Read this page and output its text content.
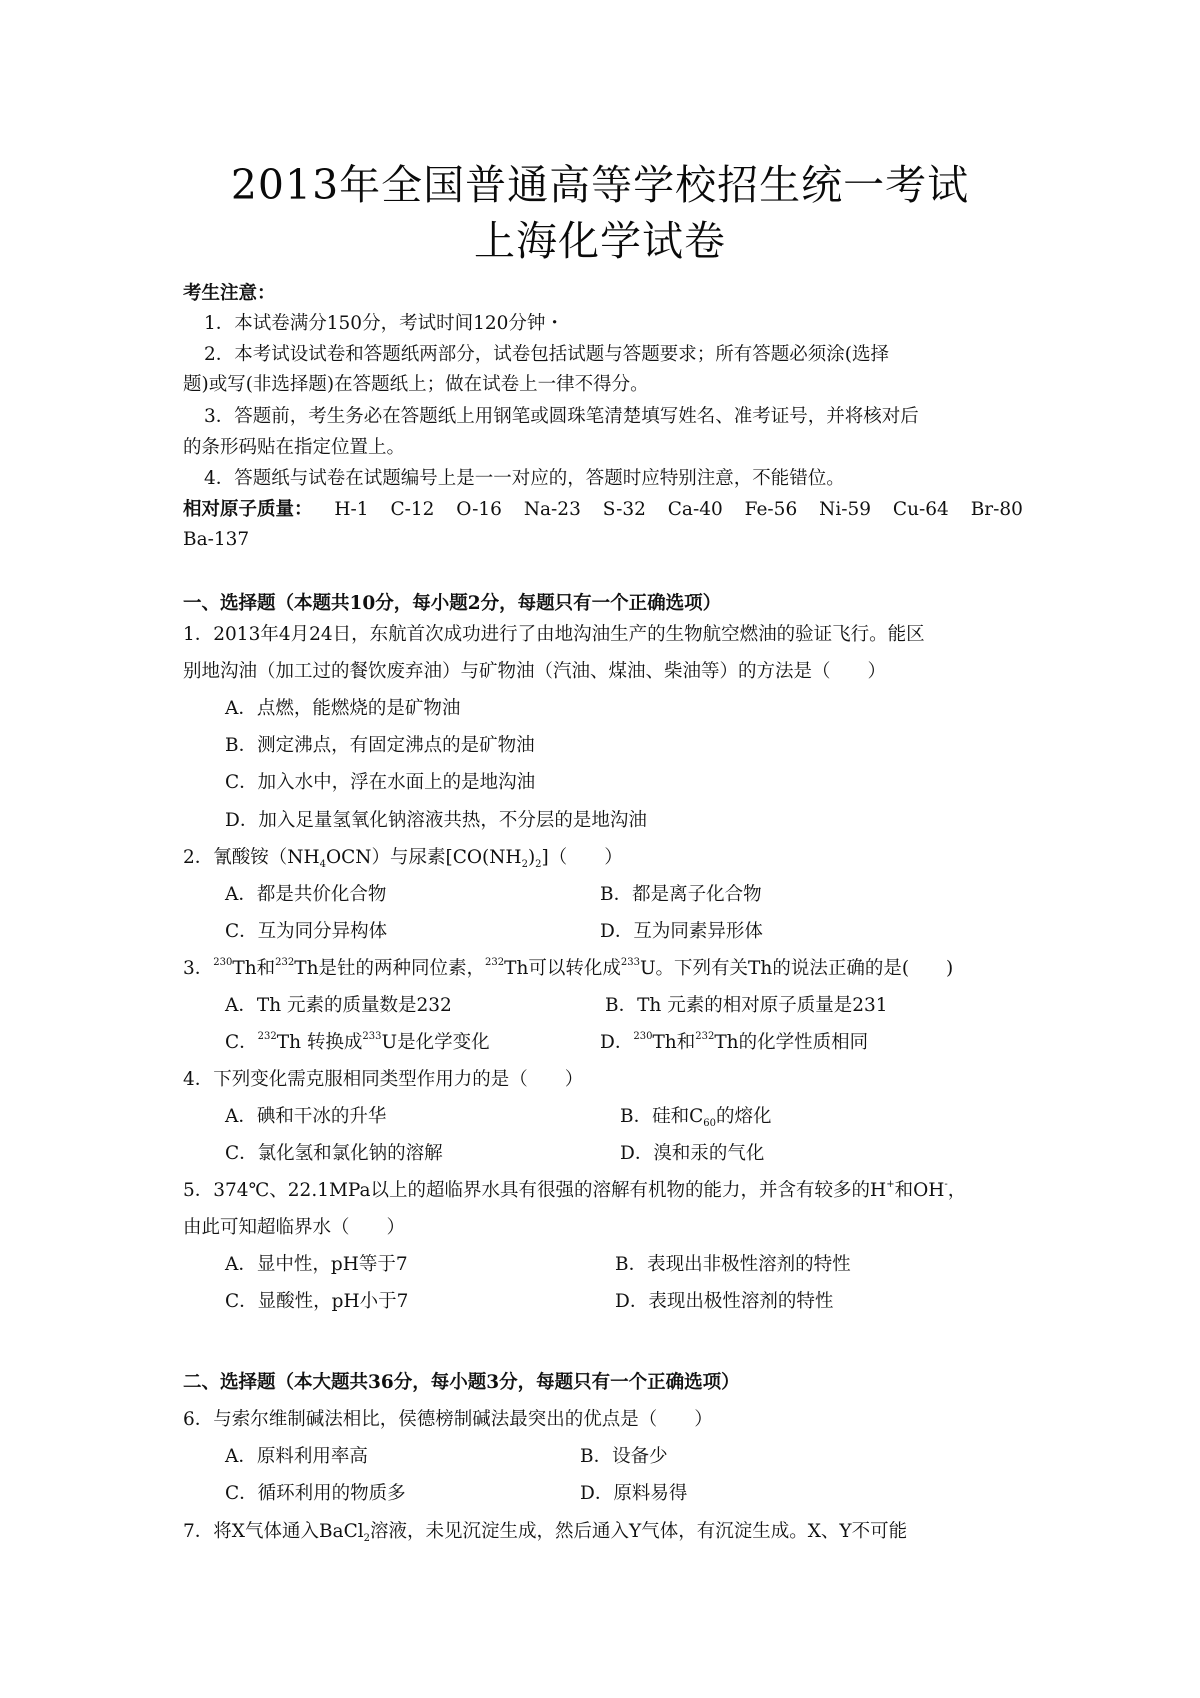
2013年全国普通高等学校招生统一考试
上海化学试卷
考生注意：
1．本试卷满分150分，考试时间120分钟・
2．本考试设试卷和答题纸两部分，试卷包括试题与答题要求；所有答题必须涂(选择
题)或写(非选择题)在答题纸上；做在试卷上一律不得分。
3．答题前，考生务必在答题纸上用钢笔或圆珠笔清楚填写姓名、准考证号，并将核对后
的条形码贴在指定位置上。
4．答题纸与试卷在试题编号上是一一对应的，答题时应特别注意，不能错位。
相对原子质量： H-1 C-12 O-16 Na-23 S-32 Ca-40 Fe-56 Ni-59 Cu-64 Br-80
Ba-137
一、选择题（本题共10分，每小题2分，每题只有一个正确选项）
1．2013年4月24日，东航首次成功进行了由地沟油生产的生物航空燃油的验证飞行。能区
别地沟油（加工过的餐饮废弃油）与矿物油（汽油、煤油、柴油等）的方法是（　　）
A．点燃，能燃烧的是矿物油
B．测定沸点，有固定沸点的是矿物油
C．加入水中，浮在水面上的是地沟油
D．加入足量氢氧化钠溶液共热，不分层的是地沟油
2．氰酸铵$(NH_4OCN)$与尿素$[CO(NH_2)_2]$（　　）
A．都是共价化合物	B．都是离子化合物
C．互为同分异构体	D．互为同素异形体
3．$^{230}$Th和$^{232}$Th是钍的两种同位素，$^{232}$Th可以转化成$^{233}$U。下列有关Th的说法正确的是(　　)
A．Th 元素的质量数是232	B．Th 元素的相对原子质量是231
C．$^{232}$Th 转换成$^{233}$U是化学变化	D．$^{230}$Th和$^{232}$Th的化学性质相同
4．下列变化需克服相同类型作用力的是（　　）
A．碘和干冰的升华	B．硅和$C_{60}$的熔化
C．氯化氢和氯化钠的溶解	D．溴和汞的气化
5．374℃、22.1MPa以上的超临界水具有很强的溶解有机物的能力，并含有较多的H+和OH-，
由此可知超临界水（　　）
A．显中性，pH等于7	B．表现出非极性溶剂的特性
C．显酸性，pH小于7	D．表现出极性溶剂的特性
二、选择题（本大题共36分，每小题3分，每题只有一个正确选项）
6．与索尔维制碱法相比，侯德榜制碱法最突出的优点是（　　）
A．原料利用率高	B．设备少
C．循环利用的物质多	D．原料易得
7．将X气体通入BaCl$_2$溶液，未见沉淀生成，然后通入Y气体，有沉淀生成。X、Y不可能
